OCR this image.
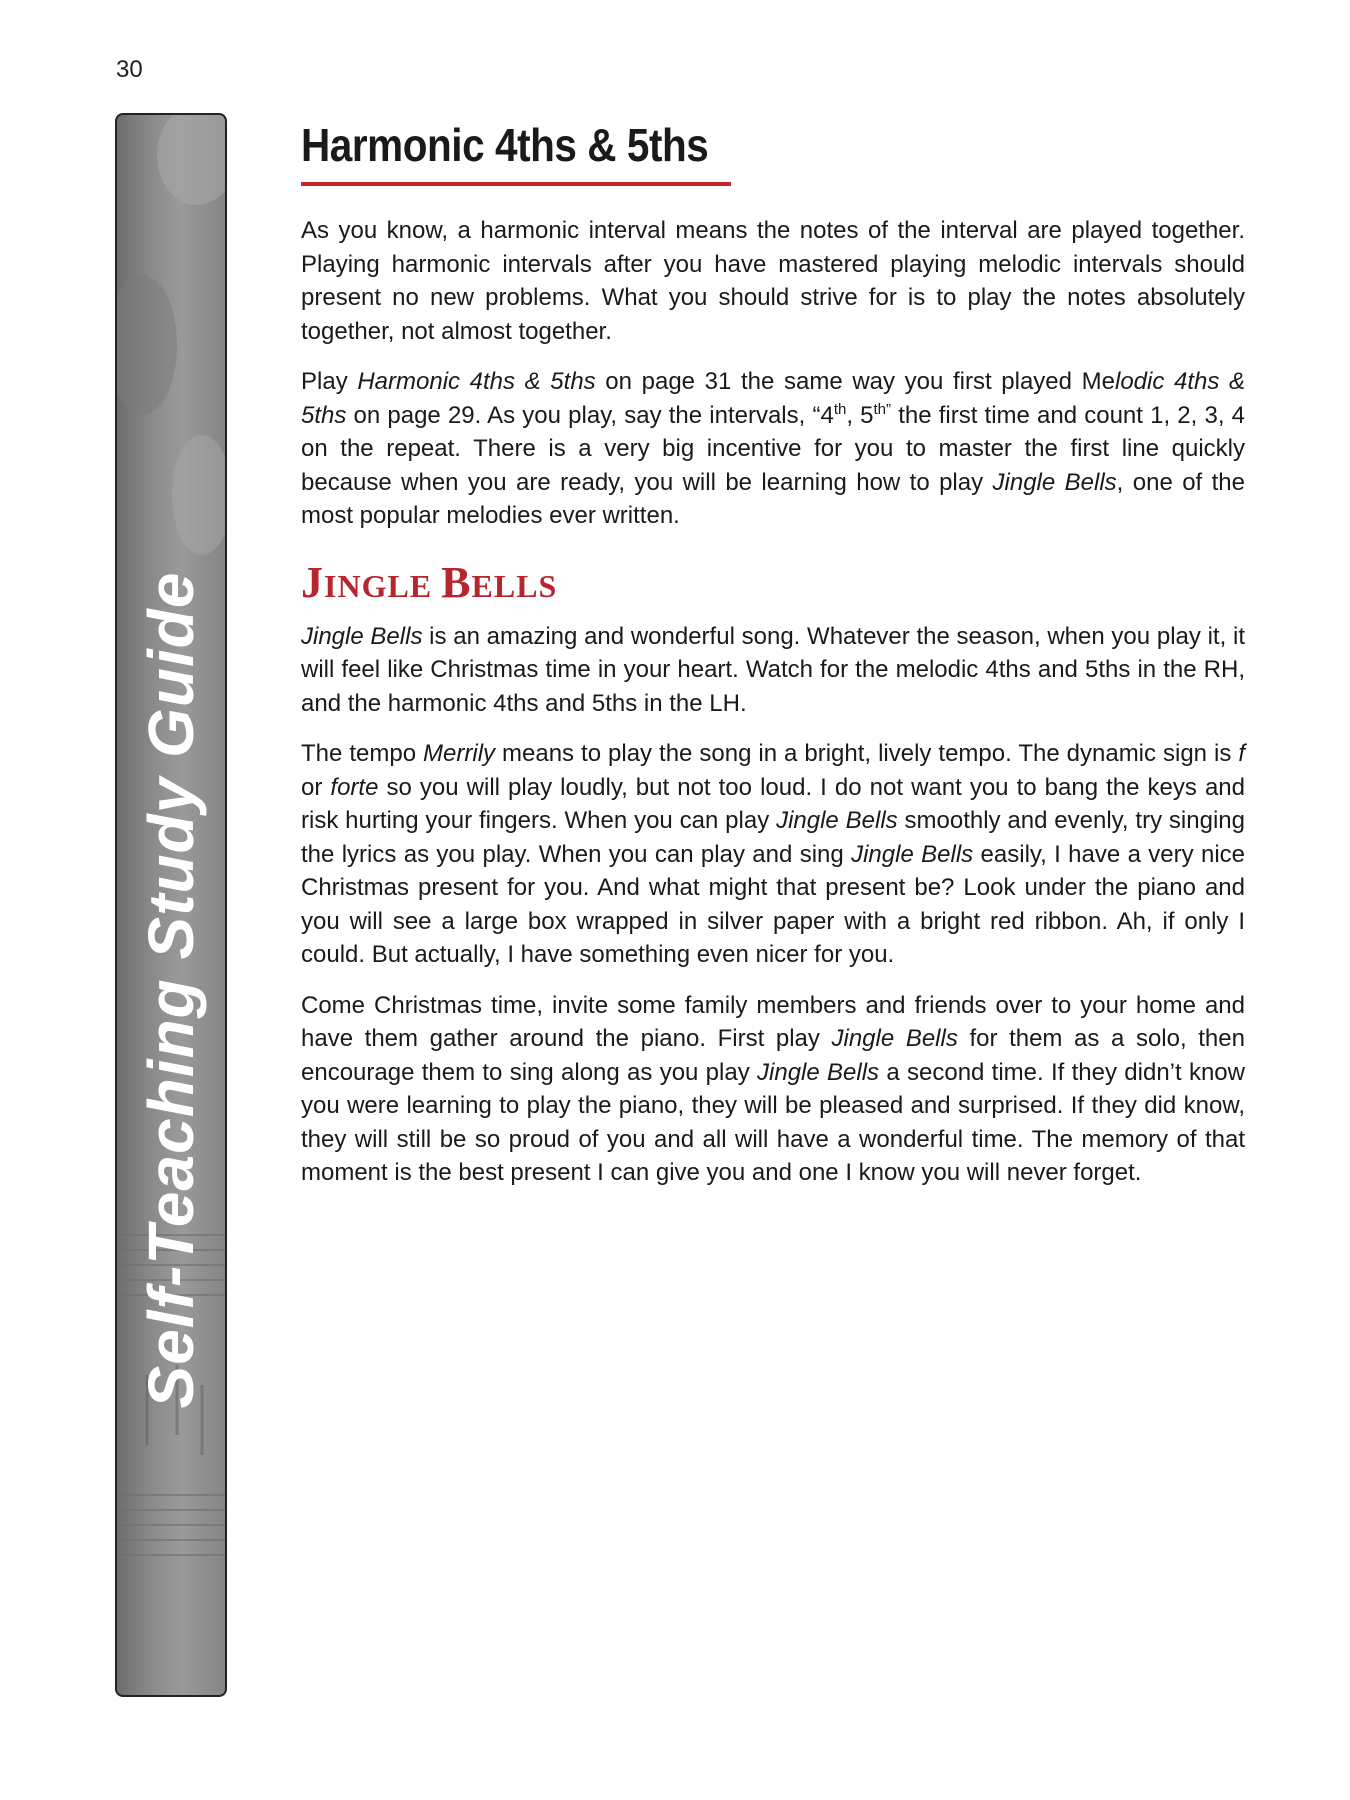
30
Self-Teaching Study Guide
Harmonic 4ths & 5ths

As you know, a harmonic interval means the notes of the interval are played together. Playing harmonic intervals after you have mastered playing melodic intervals should present no new problems. What you should strive for is to play the notes absolutely together, not almost together.

Play Harmonic 4ths & 5ths on page 31 the same way you first played Melodic 4ths & 5ths on page 29. As you play, say the intervals, “4th, $5^{th”}$ the first time and count 1, 2, 3, 4 on the repeat. There is a very big incentive for you to master the first line quickly because when you are ready, you will be learning how to play Jingle Bells, one of the most popular melodies ever written.

JINGLE BELLS

Jingle Bells is an amazing and wonderful song. Whatever the season, when you play it, it will feel like Christmas time in your heart. Watch for the melodic 4ths and 5ths in the RH, and the harmonic 4ths and 5ths in the LH.

The tempo Merrily means to play the song in a bright, lively tempo. The dynamic sign is f or forte so you will play loudly, but not too loud. I do not want you to bang the keys and risk hurting your fingers. When you can play Jingle Bells smoothly and evenly, try singing the lyrics as you play. When you can play and sing Jingle Bells easily, I have a very nice Christmas present for you. And what might that present be? Look under the piano and you will see a large box wrapped in silver paper with a bright red ribbon. Ah, if only I could. But actually, I have something even nicer for you.

Come Christmas time, invite some family members and friends over to your home and have them gather around the piano. First play Jingle Bells for them as a solo, then encourage them to sing along as you play Jingle Bells a second time. If they didn’t know you were learning to play the piano, they will be pleased and surprised. If they did know, they will still be so proud of you and all will have a wonderful time. The memory of that moment is the best present I can give you and one I know you will never forget.
